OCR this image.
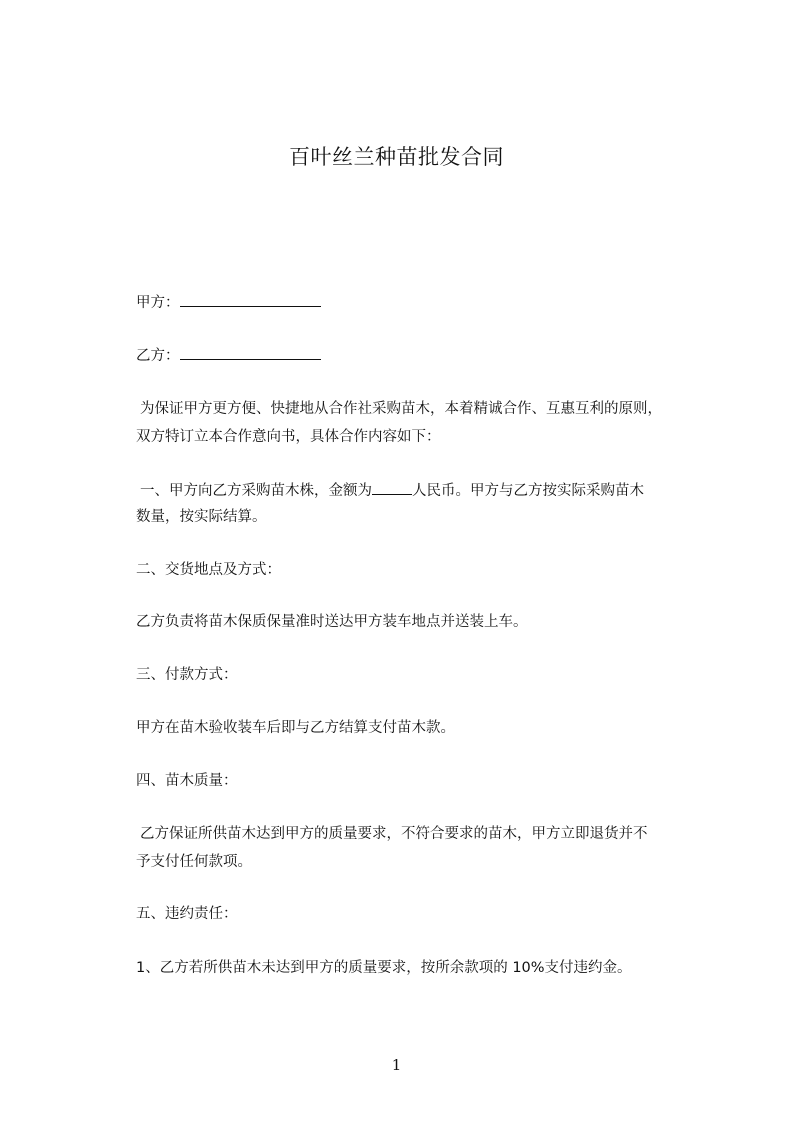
百叶丝兰种苗批发合同
甲方：
乙方：
为保证甲方更方便、快捷地从合作社采购苗木，本着精诚合作、互惠互利的原则，
双方特订立本合作意向书，具体合作内容如下：
一、甲方向乙方采购苗木株，金额为	人民币。甲方与乙方按实际采购苗木
数量，按实际结算。
二、交货地点及方式：
乙方负责将苗木保质保量准时送达甲方装车地点并送装上车。
三、付款方式：
甲方在苗木验收装车后即与乙方结算支付苗木款。
四、苗木质量：
乙方保证所供苗木达到甲方的质量要求，不符合要求的苗木，甲方立即退货并不
予支付任何款项。
五、违约责任：
1、乙方若所供苗木未达到甲方的质量要求，按所余款项的 10%支付违约金。
1
